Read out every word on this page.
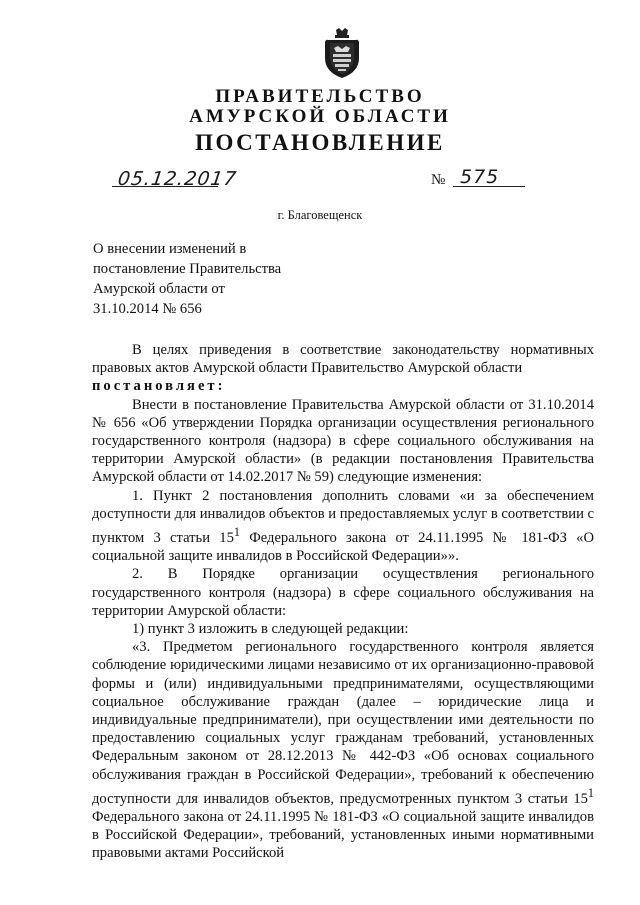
ПРАВИТЕЛЬСТВО
АМУРСКОЙ ОБЛАСТИ
ПОСТАНОВЛЕНИЕ
05.12.2017	№ 575
г. Благовещенск
О внесении изменений в
постановление Правительства
Амурской области от
31.10.2014 № 656

В целях приведения в соответствие законодательству нормативных правовых актов Амурской области Правительство Амурской области

постановляет:

Внести в постановление Правительства Амурской области от 31.10.2014 № 656 «Об утверждении Порядка организации осуществления регионального государственного контроля (надзора) в сфере социального обслуживания на территории Амурской области» (в редакции постановления Правительства Амурской области от 14.02.2017 № 59) следующие изменения:

1. Пункт 2 постановления дополнить словами «и за обеспечением доступности для инвалидов объектов и предоставляемых услуг в соответствии с пунктом 3 статьи $15^1$ Федерального закона от 24.11.1995 № 181-ФЗ «О социальной защите инвалидов в Российской Федерации»».

2. В Порядке организации осуществления регионального государственного контроля (надзора) в сфере социального обслуживания на территории Амурской области:

1) пункт 3 изложить в следующей редакции:

«3. Предметом регионального государственного контроля является соблюдение юридическими лицами независимо от их организационно-правовой формы и (или) индивидуальными предпринимателями, осуществляющими социальное обслуживание граждан (далее – юридические лица и индивидуальные предприниматели), при осуществлении ими деятельности по предоставлению социальных услуг гражданам требований, установленных Федеральным законом от 28.12.2013 № 442-ФЗ «Об основах социального обслуживания граждан в Российской Федерации», требований к обеспечению доступности для инвалидов объектов, предусмотренных пунктом 3 статьи $15^1$ Федерального закона от 24.11.1995 № 181-ФЗ «О социальной защите инвалидов в Российской Федерации», требований, установленных иными нормативными правовыми актами Российской
